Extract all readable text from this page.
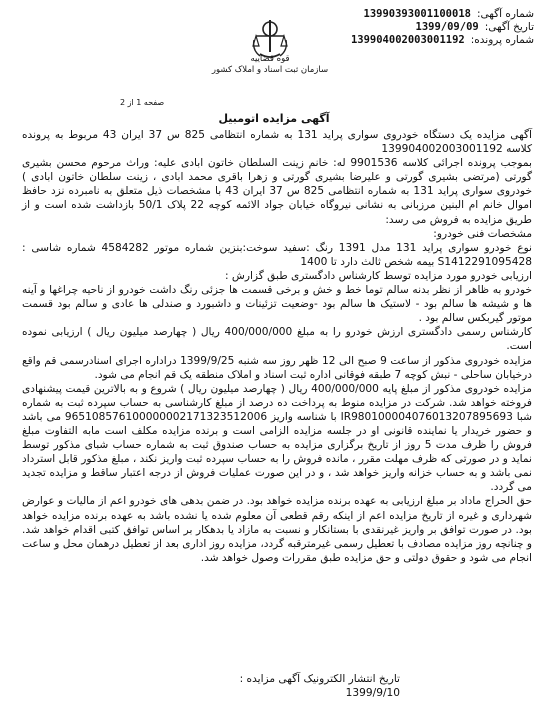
شماره آگهی:
13990393001100018
تاریخ آگهی:
1399/09/09
شماره پرونده:
139904002003001192
قوه قضاییه
سازمان ثبت اسناد و املاک کشور
صفحه 1 از 2
آگهی مزایده اتومبیل

آگهی مزایده یک دستگاه خودروی سواری پراید 131 به شماره انتظامی 825 س 37 ایران 43 مربوط به پرونده کلاسه 139904002003001192

بموجب پرونده اجرائی کلاسه 9901536 له: خانم زینت السلطان خاتون ابادی علیه: وراث مرحوم محسن بشیری گورتی (مرتضی بشیری گورتی و علیرضا بشیری گورتی و زهرا باقری محمد ابادی ، زینت سلطان خاتون ابادی ) خودروی سواری پراید 131 به شماره انتظامی 825 س 37 ایران 43 با مشخصات ذیل متعلق به نامبرده نزد حافظ اموال خانم ام البنین مرزبانی به نشانی نیروگاه خیابان جواد الائمه کوچه 22 پلاک 50/1 بازداشت شده است و از طریق مزایده به فروش می رسد:

مشخصات فنی خودرو:

نوع خودرو سواری پراید 131 مدل 1391 رنگ :سفید سوخت:بنزین شماره موتور 4584282 شماره شاسی : S1412291095428 بیمه شخص ثالث دارد تا 1400

ارزیابی خودرو مورد مزایده توسط کارشناس دادگستری طبق گزارش :

خودرو به ظاهر از نظر بدنه سالم توما خط و خش و برخی قسمت ها جزئی رنگ داشت خودرو از ناحیه چراغها و آینه ها و شیشه ها سالم بود - لاستیک ها سالم بود -وضعیت تزئینات و داشبورد و صندلی ها عادی و سالم بود قسمت موتور گیربکس سالم بود .

کارشناس رسمی دادگستری ارزش خودرو را به مبلغ 400/000/000 ریال ( چهارصد میلیون ریال ) ارزیابی نموده است.

مزایده خودروی مذکور از ساعت 9 صبح الی 12 ظهر روز سه شنبه 1399/9/25 دراداره اجرای اسنادرسمی قم واقع درخیابان ساحلی - نبش کوچه 7 طبقه فوقانی اداره ثبت اسناد و املاک منطقه یک قم انجام می شود.

مزایده خودروی مذکور از مبلغ پایه 400/000/000 ریال ( چهارصد میلیون ریال ) شروع و به بالاترین قیمت پیشنهادی فروخته خواهد شد. شرکت در مزایده منوط به پرداخت ده درصد از مبلغ کارشناسی به حساب سپرده ثبت به شماره شبا IR980100004076013207895693 با شناسه واریز 965108576100000002171323512006 می باشد و حضور خریدار یا نماینده قانونی او در جلسه مزایده الزامی است و برنده مزایده مکلف است مابه التفاوت مبلغ فروش را ظرف مدت 5 روز از تاریخ برگزاری مزایده به حساب صندوق ثبت به شماره حساب شبای مذکور توسط نماید و در صورتی که ظرف مهلت مقرر ، مانده فروش را به حساب سپرده ثبت واریز نکند ، مبلغ مذکور قابل استرداد نمی باشد و به حساب خزانه واریز خواهد شد ، و در این صورت عملیات فروش از درجه اعتبار ساقط و مزایده تجدید می گردد.

حق الحراج ماداد بر مبلغ ارزیابی به عهده برنده مزایده خواهد بود. در ضمن بدهی های خودرو اعم از مالیات و عوارض شهرداری و غیره از تاریخ مزایده اعم از اینکه رقم قطعی آن معلوم شده یا نشده باشد به عهده برنده مزایده خواهد بود. در صورت توافق بر واریز غیرنقدی با بستانکار و نسبت به مازاد یا بدهکار بر اساس توافق کتبی اقدام خواهد شد. و چنانچه روز مزایده مصادف با تعطیل رسمی غیرمترقبه گردد، مزایده روز اداری بعد از تعطیل درهمان محل و ساعت انجام می شود و حقوق دولتی و حق مزایده طبق مقررات وصول خواهد شد.

تاریخ انتشار الکترونیک آگهی مزایده :
1399/9/10
